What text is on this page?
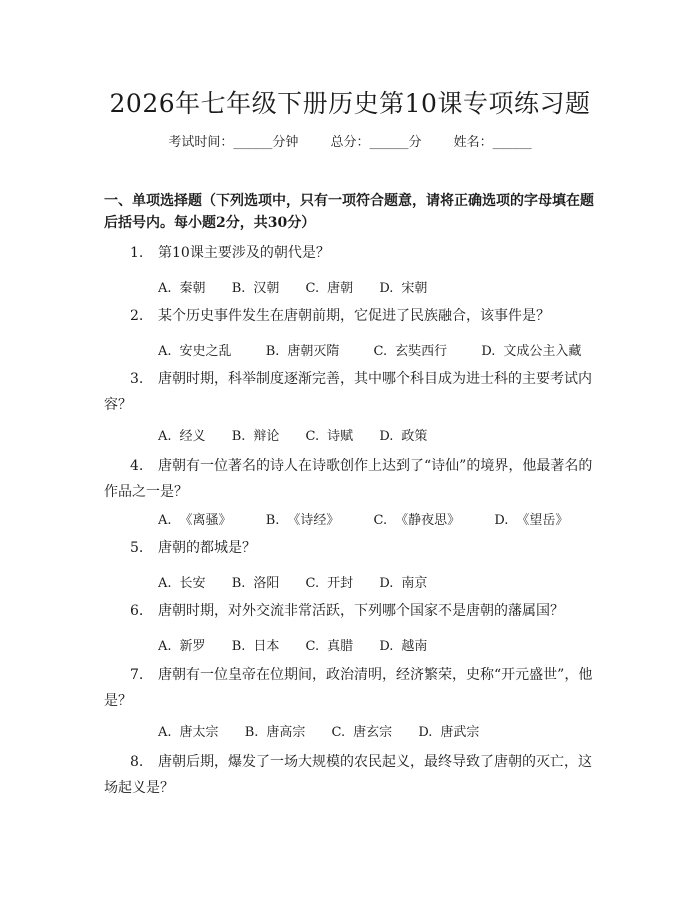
2026年七年级下册历史第10课专项练习题
考试时间：______分钟 总分：______分 姓名：______
一、单项选择题（下列选项中，只有一项符合题意，请将正确选项的字母填在题后括号内。每小题2分，共30分）
1. 第10课主要涉及的朝代是？
A. 秦朝 B. 汉朝 C. 唐朝 D. 宋朝
2. 某个历史事件发生在唐朝前期，它促进了民族融合，该事件是？
A. 安史之乱	B. 唐朝灭隋	C. 玄奘西行	D. 文成公主入藏
3. 唐朝时期，科举制度逐渐完善，其中哪个科目成为进士科的主要考试内容？
A. 经义 B. 辩论 C. 诗赋 D. 政策
4. 唐朝有一位著名的诗人在诗歌创作上达到了“诗仙”的境界，他最著名的作品之一是？
A. 《离骚》	B. 《诗经》	C. 《静夜思》	D. 《望岳》
5. 唐朝的都城是？
A. 长安 B. 洛阳 C. 开封 D. 南京
6. 唐朝时期，对外交流非常活跃，下列哪个国家不是唐朝的藩属国？
A. 新罗 B. 日本 C. 真腊 D. 越南
7. 唐朝有一位皇帝在位期间，政治清明，经济繁荣，史称“开元盛世”，他是？
A. 唐太宗 B. 唐高宗 C. 唐玄宗 D. 唐武宗
8. 唐朝后期，爆发了一场大规模的农民起义，最终导致了唐朝的灭亡，这场起义是？
